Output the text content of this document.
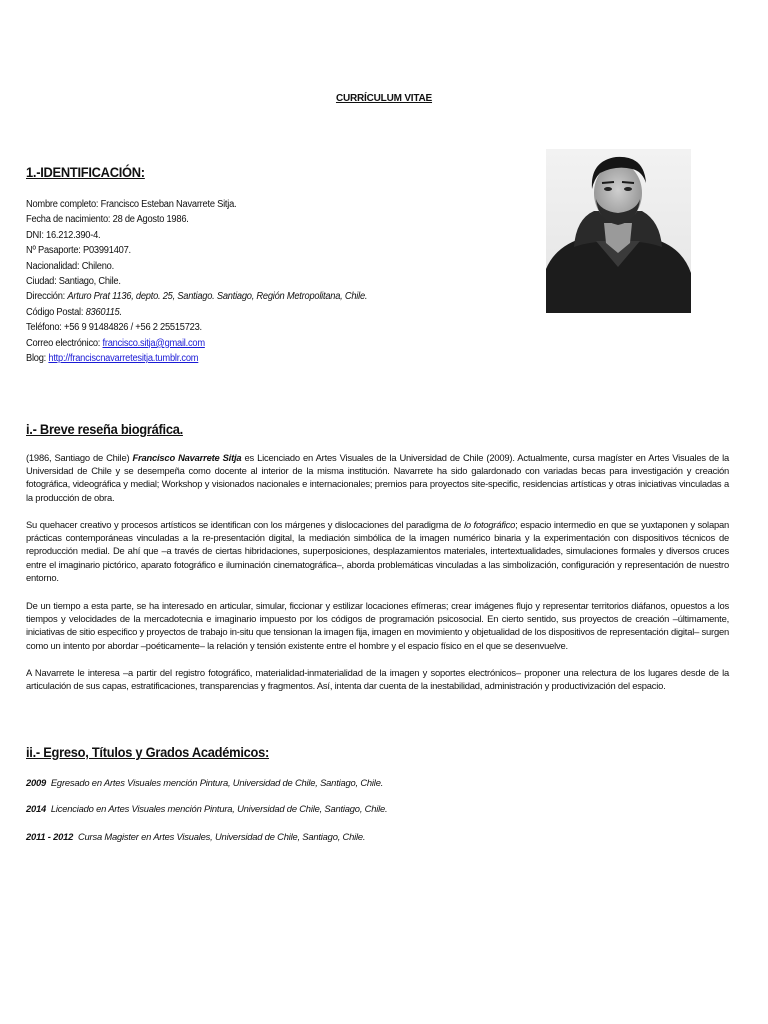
CURRÍCULUM VITAE
1.-IDENTIFICACIÓN:
Nombre completo: Francisco Esteban Navarrete Sitja.
Fecha de nacimiento: 28 de Agosto 1986.
DNI: 16.212.390-4.
Nº Pasaporte: P03991407.
Nacionalidad: Chileno.
Ciudad: Santiago, Chile.
Dirección: Arturo Prat 1136, depto. 25, Santiago. Santiago, Región Metropolitana, Chile.
Código Postal: 8360115.
Teléfono: +56 9 91484826 / +56 2 25515723.
Correo electrónico: francisco.sitja@gmail.com
Blog: http://franciscnavarretesitja.tumblr.com
i.- Breve reseña biográfica.
(1986, Santiago de Chile) Francisco Navarrete Sitja es Licenciado en Artes Visuales de la Universidad de Chile (2009). Actualmente, cursa magíster en Artes Visuales de la Universidad de Chile y se desempeña como docente al interior de la misma institución. Navarrete ha sido galardonado con variadas becas para investigación y creación fotográfica, videográfica y medial; Workshop y visionados nacionales e internacionales; premios para proyectos site-specific, residencias artísticas y otras iniciativas vinculadas a la producción de obra.
Su quehacer creativo y procesos artísticos se identifican con los márgenes y dislocaciones del paradigma de lo fotográfico; espacio intermedio en que se yuxtaponen y solapan prácticas contemporáneas vinculadas a la re-presentación digital, la mediación simbólica de la imagen numérico binaria y la experimentación con dispositivos técnicos de reproducción medial. De ahí que –a través de ciertas hibridaciones, superposiciones, desplazamientos materiales, intertextualidades, simulaciones formales y diversos cruces entre el imaginario pictórico, aparato fotográfico e iluminación cinematográfica–, aborda problemáticas vinculadas a las simbolización, configuración y representación de nuestro entorno.
De un tiempo a esta parte, se ha interesado en articular, simular, ficcionar y estilizar locaciones efímeras; crear imágenes flujo y representar territorios diáfanos, opuestos a los tiempos y velocidades de la mercadotecnia e imaginario impuesto por los códigos de programación psicosocial. En cierto sentido, sus proyectos de creación –últimamente, iniciativas de sitio especifico y proyectos de trabajo in-situ que tensionan la imagen fija, imagen en movimiento y objetualidad de los dispositivos de representación digital– surgen como un intento por abordar –poéticamente– la relación y tensión existente entre el hombre y el espacio físico en el que se desenvuelve.
A Navarrete le interesa –a partir del registro fotográfico, materialidad-inmaterialidad de la imagen y soportes electrónicos– proponer una relectura de los lugares desde de la articulación de sus capas, estratificaciones, transparencias y fragmentos. Así, intenta dar cuenta de la inestabilidad, administración y productivización del espacio.
ii.- Egreso, Títulos y Grados Académicos:
2009 Egresado en Artes Visuales mención Pintura, Universidad de Chile, Santiago, Chile.
2014 Licenciado en Artes Visuales mención Pintura, Universidad de Chile, Santiago, Chile.
2011 - 2012 Cursa Magister en Artes Visuales, Universidad de Chile, Santiago, Chile.
